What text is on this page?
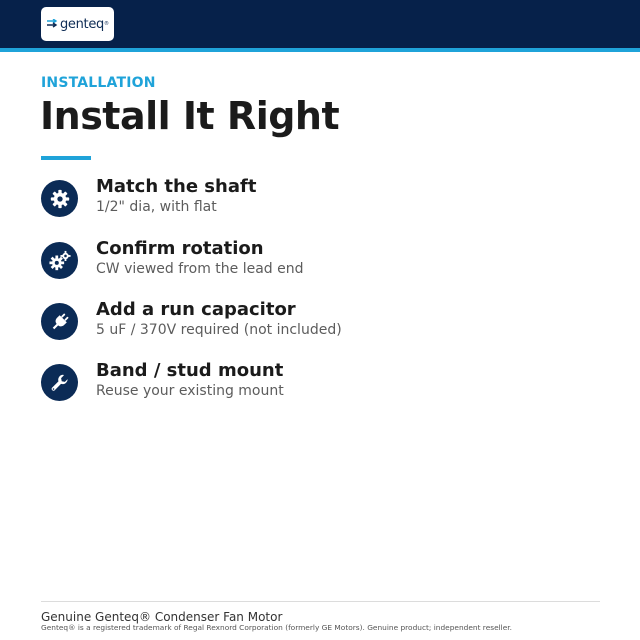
genteq ®
INSTALLATION
Install It Right
Match the shaft
1/2" dia, with flat
Confirm rotation
CW viewed from the lead end
Add a run capacitor
5 uF / 370V required (not included)
Band / stud mount
Reuse your existing mount
Genuine Genteq® Condenser Fan Motor
Genteq® is a registered trademark of Regal Rexnord Corporation (formerly GE Motors). Genuine product; independent reseller.
